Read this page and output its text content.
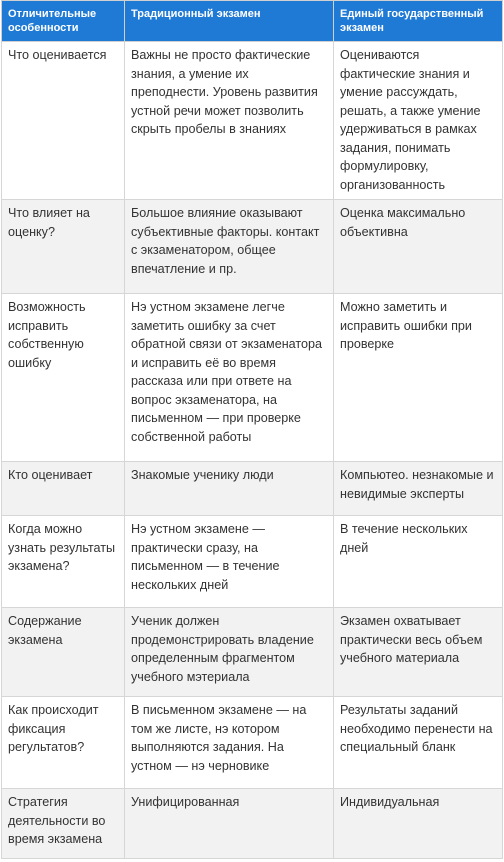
Отличительные особенности	Традиционный экзамен	Единый государственный экзамен
Что оценивается	Важны не просто фактические знания, а умение их преподнести. Уровень развития устной речи может позволить скрыть пробелы в знаниях	Оцениваются фактические знания и умение рассуждать, решать, а также умение удерживаться в рамках задания, понимать формулировку, организованность
Что влияет на оценку?	Большое влияние оказывают субъективные факторы. контакт с экзаменатором, общее впечатление и пр.	Оценка максимально объективна
Возможность исправить собственную ошибку	Нэ устном экзамене легче заметить ошибку за счет обратной связи от экзаменатора и исправить её во время рассказа или при ответе на вопрос экзаменатора, на письменном — при проверке собственной работы	Можно заметить и исправить ошибки при проверке
Кто оценивает	Знакомые ученику люди	Компьютео. незнакомые и невидимые эксперты
Когда можно узнать результаты экзамена?	Нэ устном экзамене — практически сразу, на письменном — в течение нескольких дней	В течение нескольких дней
Содержание экзамена	Ученик должен продемонстрировать владение определенным фрагментом учебного мэтериала	Экзамен охватывает практически весь объем учебного материала
Как происходит фиксация регультатов?	В письменном экзамене — на том же листе, нэ котором выполняются задания. На устном — нэ черновике	Результаты заданий необходимо перенести на специальный бланк
Стратегия деятельности во время экзамена	Унифицированная	Индивидуальная
